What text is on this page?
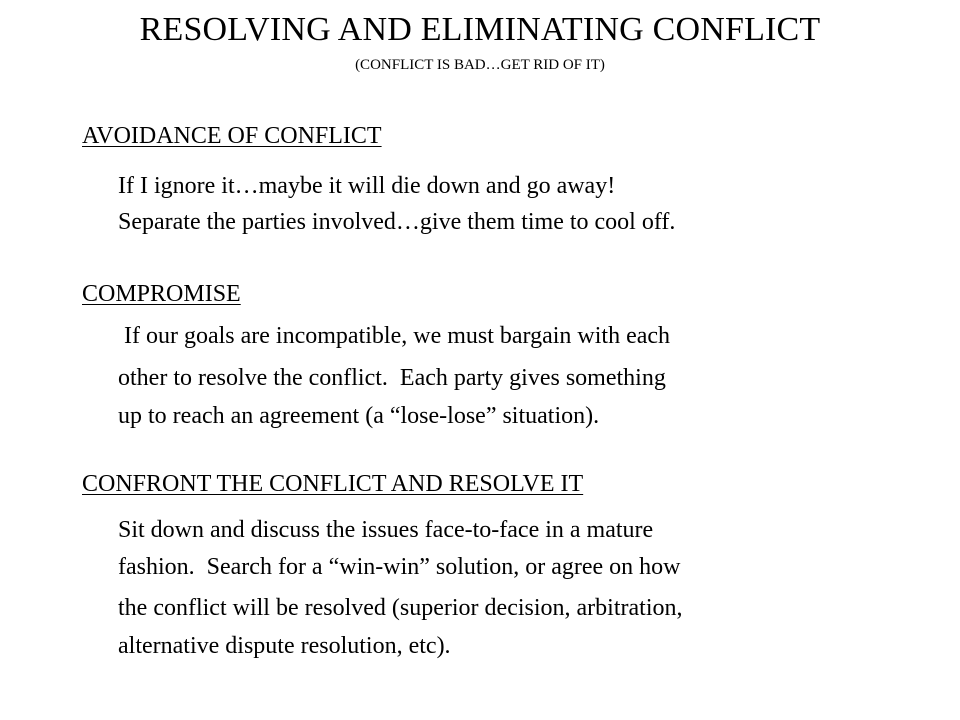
RESOLVING AND ELIMINATING CONFLICT
(CONFLICT IS BAD…GET RID OF IT)
AVOIDANCE OF CONFLICT
If I ignore it…maybe it will die down and go away!
Separate the parties involved…give them time to cool off.
COMPROMISE
If our goals are incompatible, we must bargain with each
other to resolve the conflict.  Each party gives something
up to reach an agreement (a “lose-lose” situation).
CONFRONT THE CONFLICT AND RESOLVE IT
Sit down and discuss the issues face-to-face in a mature
fashion.  Search for a “win-win” solution, or agree on how
the conflict will be resolved (superior decision, arbitration,
alternative dispute resolution, etc).
